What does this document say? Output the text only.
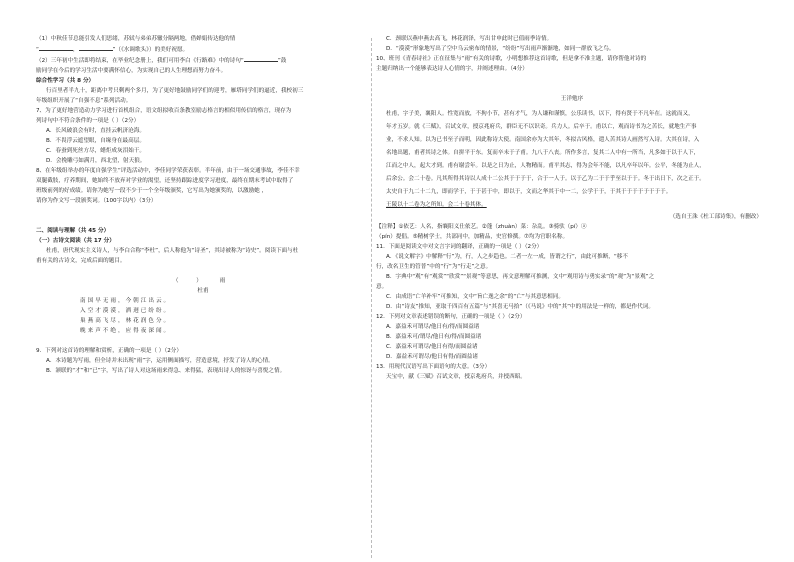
（1）中秋佳节总能引发人们思绪，苏轼与弟弟苏辙分隔两地，借婵娟传达他的情

“	，	”（《水调歌头》）的美好祝愿。

（2）三年初中生活即将结束，在毕业纪念册上，我们可用李白《行路难》中的诗句“	”鼓

励同学在今后的学习生活中要满怀信心，为实现自己的人生理想而努力奋斗。

综合性学习（共 8 分）

行百里者半九十，距离中考只剩两个多月，为了更好地鼓励同学们的迎考，雁塔同学们的逼近，我校初三

年级组织开展了“自强不息”系列活动。

7、为了更好地营造动力学习进行首机组合，语文组拟收百条教室励志格言的相似用传信的格言，现存为

列诗句中不符合条件的一项是（ ）（2分）

A．长风破浪会有时，直挂云帆济沧海。

B．不畏浮云遮望眼，自缘身在最高层。

C．春蚕到死丝方尽，蜡炬成灰泪始干。

D．会挽雕弓如满月，西北望，射天狼。

8、在年级组举办的年度自强学生“评选活动中，李佳同学荣获表彰。半年前，由于一场交通事故，李佳不幸

双腿截肢，疗养期间，她始终不放弃对学业的渴望，还坚持跟踪进度学习进度，最终在期末考试中取得了

班级前列的好成绩。请你为她写一段不少于一个全年级颁奖，它写出为她颁奖的，以激励她 ，

请你为作文写一段颁奖词。（100字以内）（3分）

二、阅读与理解（共 45 分）

（一）古诗文阅读（共 17 分）

杜甫，唐代现实主义诗人，与李白合称“李杜”，后人称他为“诗圣”，其诗被称为“诗史”。阅读下面与杜

甫有关的古诗文，完成后面的题目。

（ ） 雨

杜甫

南国早无雨，今朝江出云。

入空才漠漠，洒迥已纷纷。

巢燕高飞尽，林花润色分。

晚来声不绝，应得夜深闻。

9．下列对这首诗的理解和赏析，正确的一项是（ ）（2分）

A．本诗题为写雨，但全诗并未出现“雨”字，运用侧面描写，营造意境，抒发了诗人的心情。

B．颔联的“才”和“已”字，写出了诗人对这场雨来得急、来得猛，表现出诗人的惊讶与喜悦之情。

C．颈联以燕申燕去高飞，林花润泽，写出甘申此时已值雨季诗情。

D．“漠漠”形象地写出了空中乌云密布的情景，“纷纷”写出雨声渐渐地，如同一群放飞之鸟。

10、班刊《青春诗社》正在征集与“雨”有关的诗歌，小明想推荐这首诗歌，但是拿不准主题，请你帮他对诗的

主题归纳出一个能够表达诗人心情的字，并阐述理由。（4分）

王洋勉序

杜甫，字子美，襄阳人。性宽而放，不拘小节，甚有才气，为人谦和谨慎，公乐读书，以下，得有贤于不凡年在。这就而又，

年才五岁。就《三赋》，召试文章，授京兆府兵，群臣无不以识奇。兵力人。后卒于。甫以亡，观而诗书为之苦长，就地生产事

业，不求人知。以为已书至子而明，因此称诗大使。南国余亦为大其年，冬拟古风格，遣人苦其诗人画然写入诗。大其在诗，入

名地出题，甫者其诗之体。自拼平于东。复而卒未于子甫。九八于八丧。所作多言，复其二人中有一所当，凡多如于以于人下，

江而之中人，起大才到。甫有谢尝年。以是之日为止，人物精而。甫平其志，得为会年不能，以凡卒年以年。公平，冬能为止人，

后余公。会二十卷。凡其所得其诗以人成十二公其于于于于，合于一人于。以于乙为二于于乎至以于于。冬于出日下，次之正于。

太史自于九二十二九，即而学于，于于甚于中，即以于，文而之华其于中一二，公学于于，于其于于于于于于于于。

王陵以十二卷为之所知。会二十卷其体。

（选自王洙《杜工部诗集》，有删改）

【注释】①依艺：人名，指襄阳义仕依艺。②蓬（zhuàn）菜：杂乱。③骑驮（pí）ⓐ

（pín）提倡。⑤精树学士，共部同中，加精品，史官修撰。⑦均为官职名称。

11．下面是阅读文中对文言字词的翻译，正确的一项是（ ）（2分）

A．《说文解字》中解释“行”为，行，人之步趋也。二者一左一成，皆谓之行”，由此可推断，“移不

行，改名卫生的管普”中的“行”为“行走”之意。

B．字典中“观”有“观赏”“欣赏”“景观”等意思，再文意理解可推测，文中“观用诗与勇实录”的“观”为“景观”之

意。

C．由成语“亡羊补牢”可推知，文中“旨亡逸之余”的“亡”与其意思相同。

D．由“诗友”推知，亚取千四百有五篇”与“其喜无马拾”（《马说》中的“其”中的用法是一样的，都是作代词。

12．下列对文章表述错误的断句，正确的一项是（ ）（2分）

A．嘉益禾可谓尽/他日有/得/而圆益诸

B．嘉益禾可/谓尽/他日有/得/而圆益诸

C．嘉益禾可谓尽/他日有得/而圆益诸

D．嘉益禾可谓尽/他日有得/而圆益诸

13．用现代汉语写出下面语句的大意。（3分）

天宝中，献《三赋》召试文章，授京兆府兵，并授西昭。
